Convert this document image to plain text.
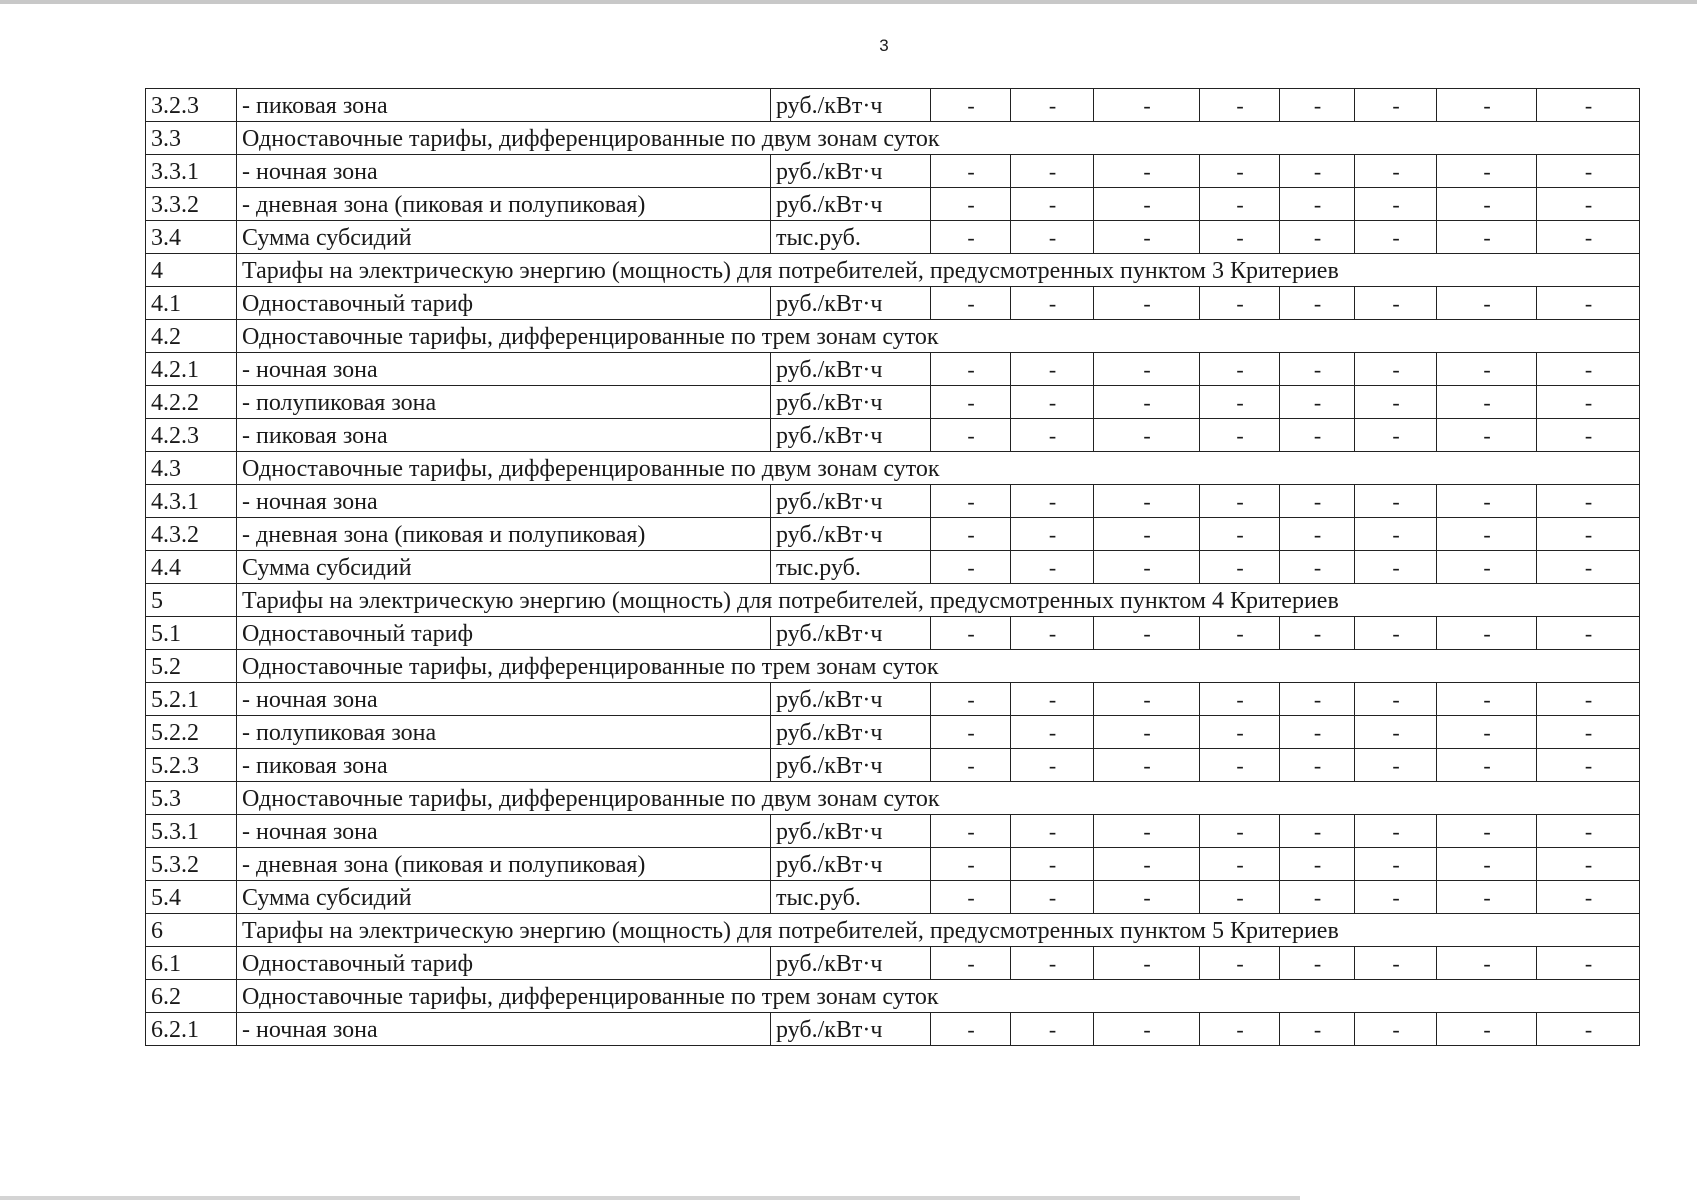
3
3.2.3	- пиковая зона	руб./кВт·ч	-	-	-	-	-	-	-	-
3.3	Одноставочные тарифы, дифференцированные по двум зонам суток									
3.3.1	- ночная зона	руб./кВт·ч	-	-	-	-	-	-	-	-
3.3.2	- дневная зона (пиковая и полупиковая)	руб./кВт·ч	-	-	-	-	-	-	-	-
3.4	Сумма субсидий	тыс.руб.	-	-	-	-	-	-	-	-
4	Тарифы на электрическую энергию (мощность) для потребителей, предусмотренных пунктом 3 Критериев									
4.1	Одноставочный тариф	руб./кВт·ч	-	-	-	-	-	-	-	-
4.2	Одноставочные тарифы, дифференцированные по трем зонам суток									
4.2.1	- ночная зона	руб./кВт·ч	-	-	-	-	-	-	-	-
4.2.2	- полупиковая зона	руб./кВт·ч	-	-	-	-	-	-	-	-
4.2.3	- пиковая зона	руб./кВт·ч	-	-	-	-	-	-	-	-
4.3	Одноставочные тарифы, дифференцированные по двум зонам суток									
4.3.1	- ночная зона	руб./кВт·ч	-	-	-	-	-	-	-	-
4.3.2	- дневная зона (пиковая и полупиковая)	руб./кВт·ч	-	-	-	-	-	-	-	-
4.4	Сумма субсидий	тыс.руб.	-	-	-	-	-	-	-	-
5	Тарифы на электрическую энергию (мощность) для потребителей, предусмотренных пунктом 4 Критериев									
5.1	Одноставочный тариф	руб./кВт·ч	-	-	-	-	-	-	-	-
5.2	Одноставочные тарифы, дифференцированные по трем зонам суток									
5.2.1	- ночная зона	руб./кВт·ч	-	-	-	-	-	-	-	-
5.2.2	- полупиковая зона	руб./кВт·ч	-	-	-	-	-	-	-	-
5.2.3	- пиковая зона	руб./кВт·ч	-	-	-	-	-	-	-	-
5.3	Одноставочные тарифы, дифференцированные по двум зонам суток									
5.3.1	- ночная зона	руб./кВт·ч	-	-	-	-	-	-	-	-
5.3.2	- дневная зона (пиковая и полупиковая)	руб./кВт·ч	-	-	-	-	-	-	-	-
5.4	Сумма субсидий	тыс.руб.	-	-	-	-	-	-	-	-
6	Тарифы на электрическую энергию (мощность) для потребителей, предусмотренных пунктом 5 Критериев									
6.1	Одноставочный тариф	руб./кВт·ч	-	-	-	-	-	-	-	-
6.2	Одноставочные тарифы, дифференцированные по трем зонам суток									
6.2.1	- ночная зона	руб./кВт·ч	-	-	-	-	-	-	-	-
